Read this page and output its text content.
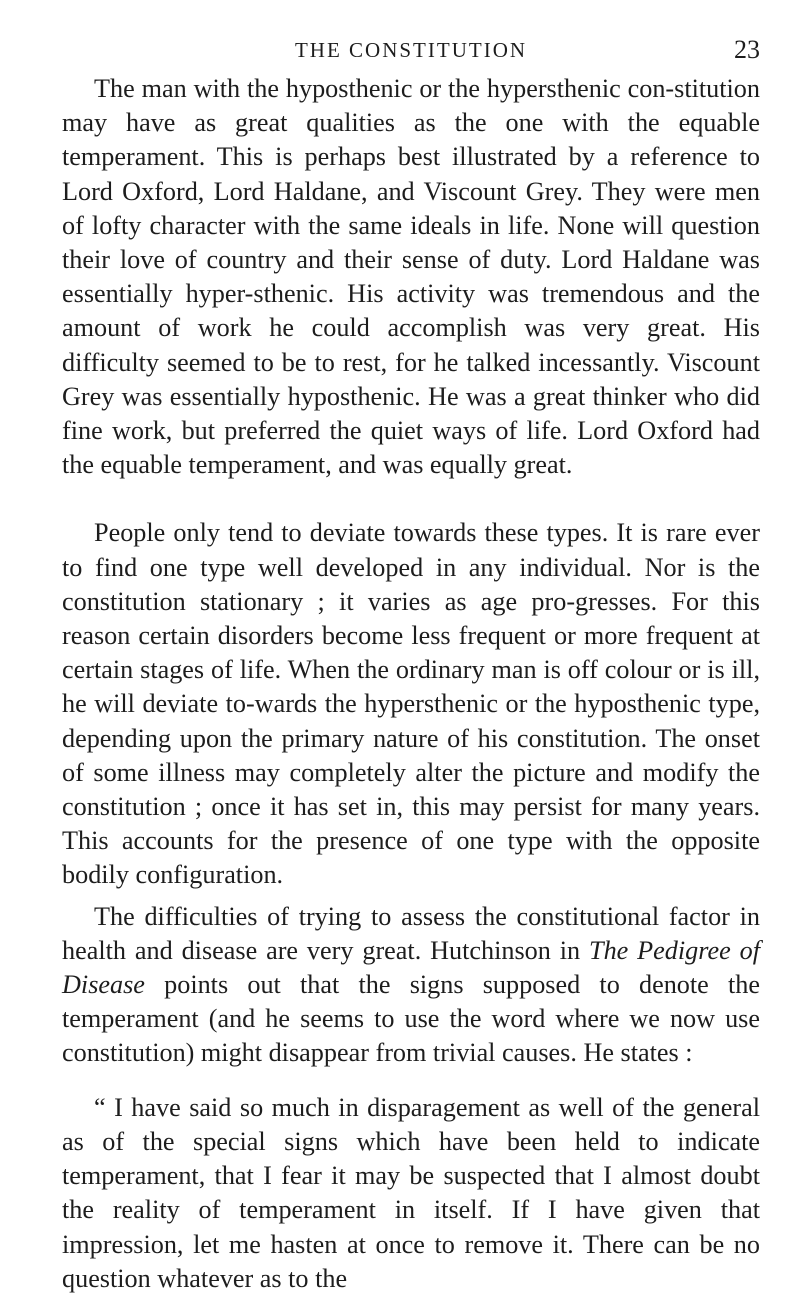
THE CONSTITUTION	23

The man with the hyposthenic or the hypersthenic con-stitution may have as great qualities as the one with the equable temperament. This is perhaps best illustrated by a reference to Lord Oxford, Lord Haldane, and Viscount Grey. They were men of lofty character with the same ideals in life. None will question their love of country and their sense of duty. Lord Haldane was essentially hyper-sthenic. His activity was tremendous and the amount of work he could accomplish was very great. His difficulty seemed to be to rest, for he talked incessantly. Viscount Grey was essentially hyposthenic. He was a great thinker who did fine work, but preferred the quiet ways of life. Lord Oxford had the equable temperament, and was equally great.

People only tend to deviate towards these types. It is rare ever to find one type well developed in any individual. Nor is the constitution stationary ; it varies as age pro-gresses. For this reason certain disorders become less frequent or more frequent at certain stages of life. When the ordinary man is off colour or is ill, he will deviate to-wards the hypersthenic or the hyposthenic type, depending upon the primary nature of his constitution. The onset of some illness may completely alter the picture and modify the constitution ; once it has set in, this may persist for many years. This accounts for the presence of one type with the opposite bodily configuration.

The difficulties of trying to assess the constitutional factor in health and disease are very great. Hutchinson in The Pedigree of Disease points out that the signs supposed to denote the temperament (and he seems to use the word where we now use constitution) might disappear from trivial causes. He states :

“ I have said so much in disparagement as well of the general as of the special signs which have been held to indicate temperament, that I fear it may be suspected that I almost doubt the reality of temperament in itself. If I have given that impression, let me hasten at once to remove it. There can be no question whatever as to the
